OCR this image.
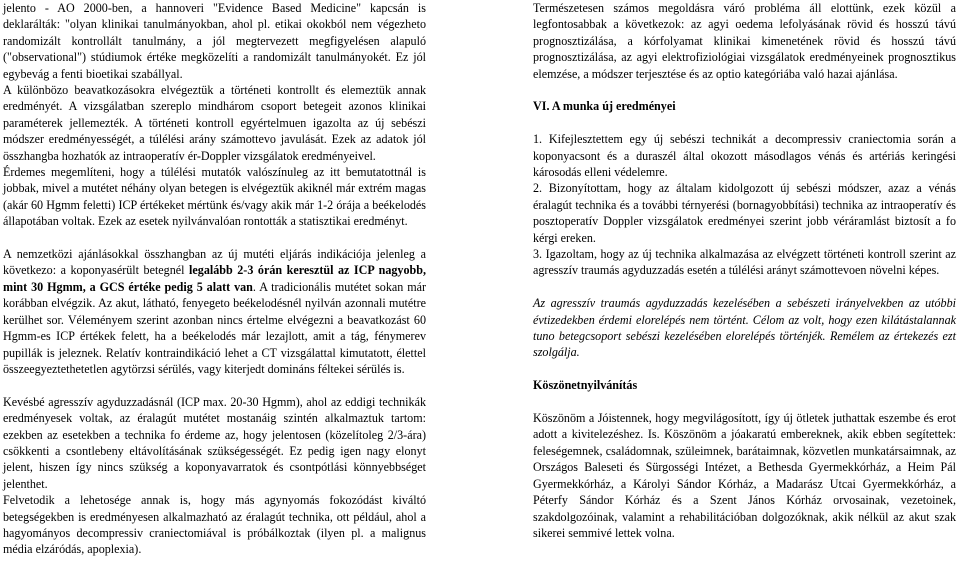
jelento - AO 2000-ben, a hannoveri "Evidence Based Medicine" kapcsán is deklarálták: "olyan klinikai tanulmányokban, ahol pl. etikai okokból nem végezheto randomizált kontrollált tanulmány, a jól megtervezett megfigyelésen alapuló ("observational") stúdiumok értéke megközelíti a randomizált tanulmányokét. Ez jól egybevág a fenti bioetikai szabállyal.

A különbözo beavatkozásokra elvégeztük a történeti kontrollt és elemeztük annak eredményét. A vizsgálatban szereplo mindhárom csoport betegeit azonos klinikai paraméterek jellemezték. A történeti kontroll egyértelmuen igazolta az új sebészi módszer eredményességét, a túlélési arány számottevo javulását. Ezek az adatok jól összhangba hozhatók az intraoperatív ér-Doppler vizsgálatok eredményeivel.

Érdemes megemlíteni, hogy a túlélési mutatók valószínuleg az itt bemutatottnál is jobbak, mivel a mutétet néhány olyan betegen is elvégeztük akiknél már extrém magas (akár 60 Hgmm feletti) ICP értékeket mértünk és/vagy akik már 1-2 órája a beékelodés állapotában voltak. Ezek az esetek nyilvánvalóan rontották a statisztikai eredményt.

A nemzetközi ajánlásokkal összhangban az új mutéti eljárás indikációja jelenleg a következo: a koponyasérült betegnél legalább 2-3 órán keresztül az ICP nagyobb, mint 30 Hgmm, a GCS értéke pedig 5 alatt van. A tradicionális mutétet sokan már korábban elvégzik. Az akut, látható, fenyegeto beékelodésnél nyilván azonnali mutétre kerülhet sor. Véleményem szerint azonban nincs értelme elvégezni a beavatkozást 60 Hgmm-es ICP értékek felett, ha a beékelodés már lezajlott, amit a tág, fénymerev pupillák is jeleznek. Relatív kontraindikáció lehet a CT vizsgálattal kimutatott, élettel összeegyeztethetetlen agytörzsi sérülés, vagy kiterjedt domináns féltekei sérülés is.

Kevésbé agresszív agyduzzadásnál (ICP max. 20-30 Hgmm), ahol az eddigi technikák eredményesek voltak, az éralagút mutétet mostanáig szintén alkalmaztuk tartom: ezekben az esetekben a technika fo érdeme az, hogy jelentosen (közelítoleg 2/3-ára) csökkenti a csontlebeny eltávolításának szükségességét. Ez pedig igen nagy elonyt jelent, hiszen így nincs szükség a koponyavarratok és csontpótlási könnyebbséget jelenthet.

Felvetodik a lehetosége annak is, hogy más agynyomás fokozódást kiváltó betegségekben is eredményesen alkalmazható az éralagút technika, ott például, ahol a hagyományos decompressiv craniectomiával is próbálkoztak (ilyen pl. a malignus média elzáródás, apoplexia).

Természetesen számos megoldásra váró probléma áll elottünk, ezek közül a legfontosabbak a következok: az agyi oedema lefolyásának rövid és hosszú távú prognosztizálása, a kórfolyamat klinikai kimenetének rövid és hosszú távú prognosztizálása, az agyi elektrofiziológiai vizsgálatok eredményeinek prognosztikus elemzése, a módszer terjesztése és az optio kategóriába való hazai ajánlása.

VI. A munka új eredményei

1. Kifejlesztettem egy új sebészi technikát a decompressiv craniectomia során a koponyacsont és a duraszél által okozott másodlagos vénás és artériás keringési károsodás elleni védelemre.

2. Bizonyítottam, hogy az általam kidolgozott új sebészi módszer, azaz a vénás éralagút technika és a további térnyerési (bornagyobbítási) technika az intraoperatív és posztoperatív Doppler vizsgálatok eredményei szerint jobb véráramlást biztosít a fo kérgi ereken.

3. Igazoltam, hogy az új technika alkalmazása az elvégzett történeti kontroll szerint az agresszív traumás agyduzzadás esetén a túlélési arányt számottevoen növelni képes.

Az agresszív traumás agyduzzadás kezelésében a sebészeti irányelvekben az utóbbi évtizedekben érdemi elorelépés nem történt. Célom az volt, hogy ezen kilátástalannak tuno betegcsoport sebészi kezelésében elorelépés történjék. Remélem az értekezés ezt szolgálja.

Köszönetnyilvánítás

Köszönöm a Jóistennek, hogy megvilágosított, így új ötletek juthattak eszembe és erot adott a kivitelezéshez. Is. Köszönöm a jóakaratú embereknek, akik ebben segítettek: feleségemnek, családomnak, szüleimnek, barátaimnak, közvetlen munkatársaimnak, az Országos Baleseti és Sürgosségi Intézet, a Bethesda Gyermekkórház, a Heim Pál Gyermekkórház, a Károlyi Sándor Kórház, a Madarász Utcai Gyermekkórház, a Péterfy Sándor Kórház és a Szent János Kórház orvosainak, vezetoinek, szakdolgozóinak, valamint a rehabilitációban dolgozóknak, akik nélkül az akut szak sikerei semmivé lettek volna.
